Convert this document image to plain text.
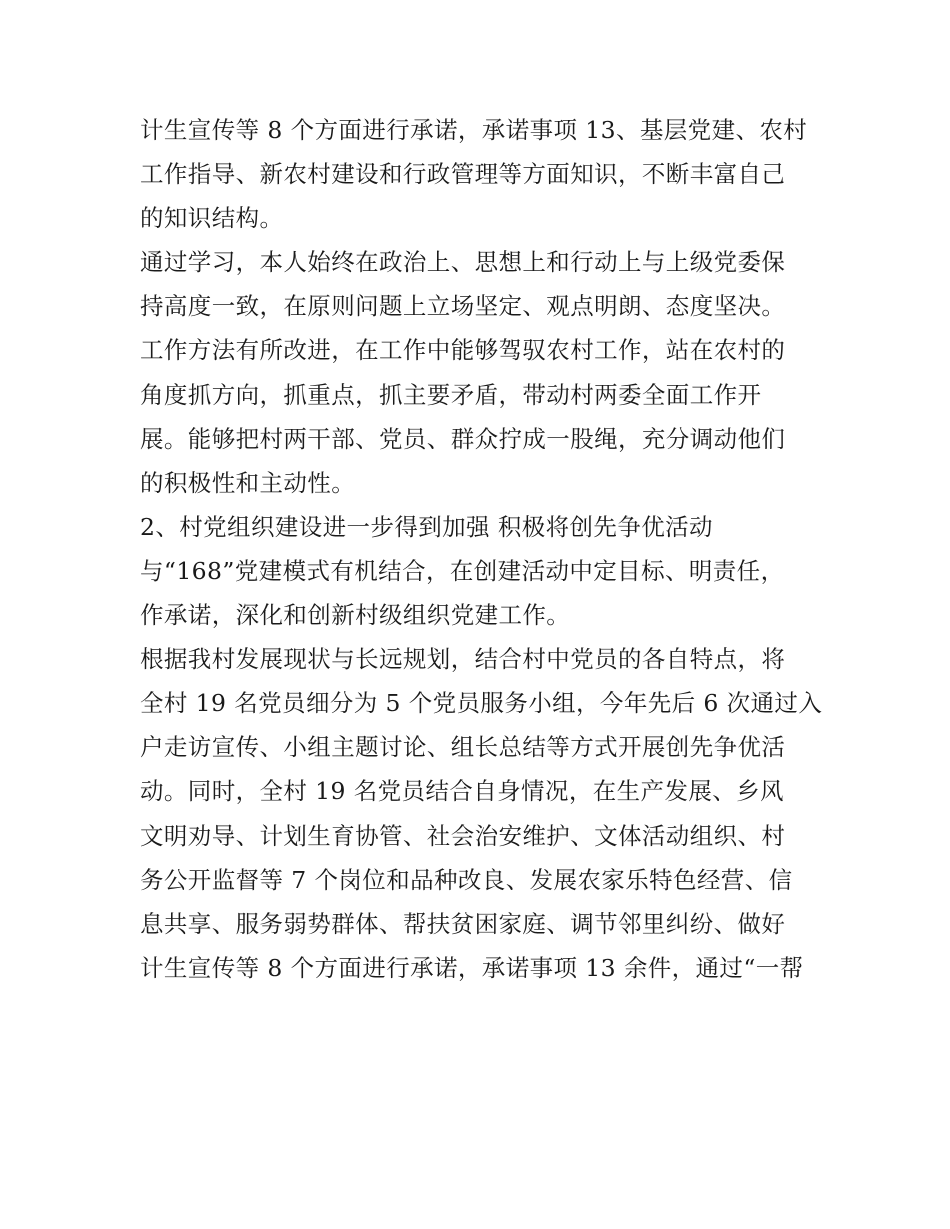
计生宣传等 8 个方面进行承诺，承诺事项 13、基层党建、农村
工作指导、新农村建设和行政管理等方面知识，不断丰富自己
的知识结构。
通过学习，本人始终在政治上、思想上和行动上与上级党委保
持高度一致，在原则问题上立场坚定、观点明朗、态度坚决。
工作方法有所改进，在工作中能够驾驭农村工作，站在农村的
角度抓方向，抓重点，抓主要矛盾，带动村两委全面工作开
展。能够把村两干部、党员、群众拧成一股绳，充分调动他们
的积极性和主动性。
2、村党组织建设进一步得到加强 积极将创先争优活动
与“168”党建模式有机结合，在创建活动中定目标、明责任，
作承诺，深化和创新村级组织党建工作。
根据我村发展现状与长远规划，结合村中党员的各自特点，将
全村 19 名党员细分为 5 个党员服务小组，今年先后 6 次通过入
户走访宣传、小组主题讨论、组长总结等方式开展创先争优活
动。同时，全村 19 名党员结合自身情况，在生产发展、乡风
文明劝导、计划生育协管、社会治安维护、文体活动组织、村
务公开监督等 7 个岗位和品种改良、发展农家乐特色经营、信
息共享、服务弱势群体、帮扶贫困家庭、调节邻里纠纷、做好
计生宣传等 8 个方面进行承诺，承诺事项 13 余件，通过“一帮
